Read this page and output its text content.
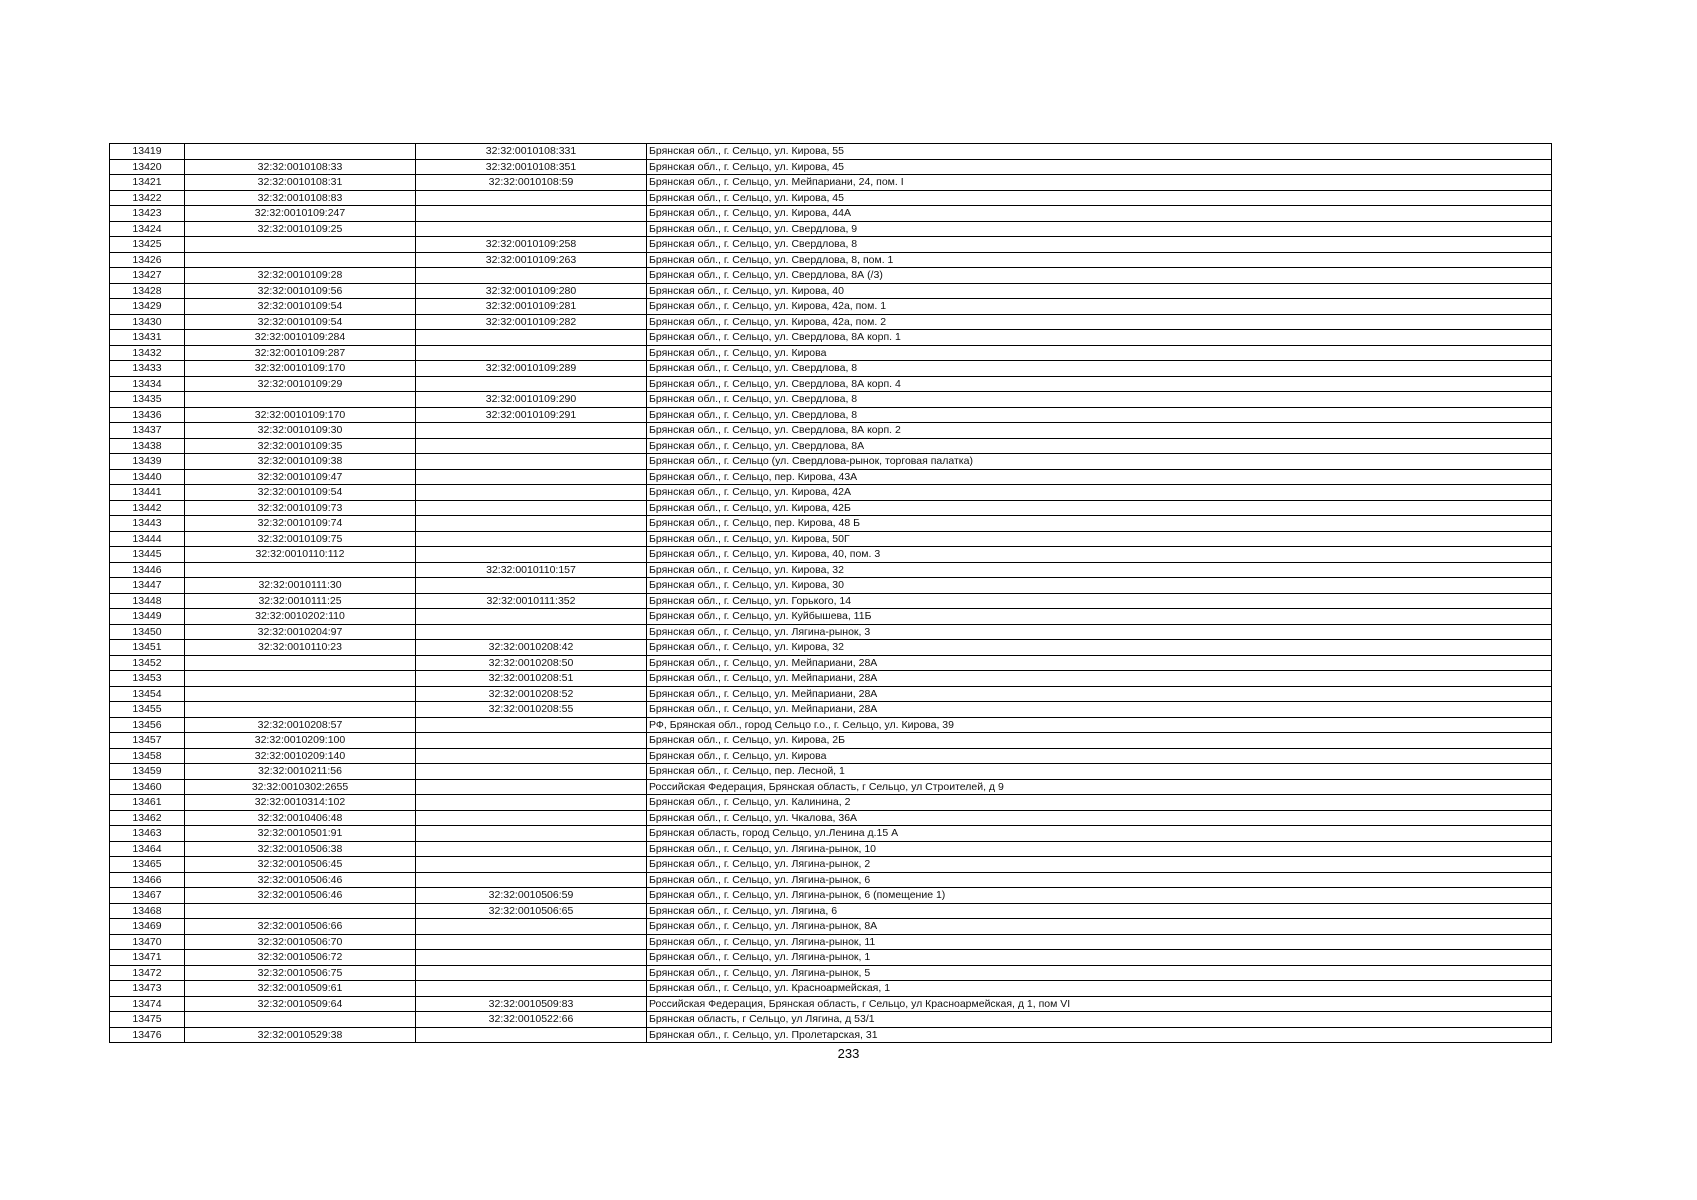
13419		32:32:0010108:331	Брянская обл., г. Сельцо, ул. Кирова, 55
13420	32:32:0010108:33	32:32:0010108:351	Брянская обл., г. Сельцо, ул. Кирова, 45
13421	32:32:0010108:31	32:32:0010108:59	Брянская обл., г. Сельцо, ул. Мейпариани, 24, пом. I
13422	32:32:0010108:83		Брянская обл., г. Сельцо, ул. Кирова, 45
13423	32:32:0010109:247		Брянская обл., г. Сельцо, ул. Кирова, 44А
13424	32:32:0010109:25		Брянская обл., г. Сельцо, ул. Свердлова, 9
13425		32:32:0010109:258	Брянская обл., г. Сельцо, ул. Свердлова, 8
13426		32:32:0010109:263	Брянская обл., г. Сельцо, ул. Свердлова, 8, пом. 1
13427	32:32:0010109:28		Брянская обл., г. Сельцо, ул. Свердлова, 8А (/3)
13428	32:32:0010109:56	32:32:0010109:280	Брянская обл., г. Сельцо, ул. Кирова, 40
13429	32:32:0010109:54	32:32:0010109:281	Брянская обл., г. Сельцо, ул. Кирова, 42а, пом. 1
13430	32:32:0010109:54	32:32:0010109:282	Брянская обл., г. Сельцо, ул. Кирова, 42а, пом. 2
13431	32:32:0010109:284		Брянская обл., г. Сельцо, ул. Свердлова, 8А корп. 1
13432	32:32:0010109:287		Брянская обл., г. Сельцо, ул. Кирова
13433	32:32:0010109:170	32:32:0010109:289	Брянская обл., г. Сельцо, ул. Свердлова, 8
13434	32:32:0010109:29		Брянская обл., г. Сельцо, ул. Свердлова, 8А корп. 4
13435		32:32:0010109:290	Брянская обл., г. Сельцо, ул. Свердлова, 8
13436	32:32:0010109:170	32:32:0010109:291	Брянская обл., г. Сельцо, ул. Свердлова, 8
13437	32:32:0010109:30		Брянская обл., г. Сельцо, ул. Свердлова, 8А корп. 2
13438	32:32:0010109:35		Брянская обл., г. Сельцо, ул. Свердлова, 8А
13439	32:32:0010109:38		Брянская обл., г. Сельцо (ул. Свердлова-рынок, торговая палатка)
13440	32:32:0010109:47		Брянская обл., г. Сельцо, пер. Кирова, 43А
13441	32:32:0010109:54		Брянская обл., г. Сельцо, ул. Кирова, 42А
13442	32:32:0010109:73		Брянская обл., г. Сельцо, ул. Кирова, 42Б
13443	32:32:0010109:74		Брянская обл., г. Сельцо, пер. Кирова, 48 Б
13444	32:32:0010109:75		Брянская обл., г. Сельцо, ул. Кирова, 50Г
13445	32:32:0010110:112		Брянская обл., г. Сельцо, ул. Кирова, 40, пом. 3
13446		32:32:0010110:157	Брянская обл., г. Сельцо, ул. Кирова, 32
13447	32:32:0010111:30		Брянская обл., г. Сельцо, ул. Кирова, 30
13448	32:32:0010111:25	32:32:0010111:352	Брянская обл., г. Сельцо, ул. Горького, 14
13449	32:32:0010202:110		Брянская обл., г. Сельцо, ул. Куйбышева, 11Б
13450	32:32:0010204:97		Брянская обл., г. Сельцо, ул. Лягина-рынок, 3
13451	32:32:0010110:23	32:32:0010208:42	Брянская обл., г. Сельцо, ул. Кирова, 32
13452		32:32:0010208:50	Брянская обл., г. Сельцо, ул. Мейпариани, 28А
13453		32:32:0010208:51	Брянская обл., г. Сельцо, ул. Мейпариани, 28А
13454		32:32:0010208:52	Брянская обл., г. Сельцо, ул. Мейпариани, 28А
13455		32:32:0010208:55	Брянская обл., г. Сельцо, ул. Мейпариани, 28А
13456	32:32:0010208:57		РФ, Брянская обл., город Сельцо г.о., г. Сельцо, ул. Кирова, 39
13457	32:32:0010209:100		Брянская обл., г. Сельцо, ул. Кирова, 2Б
13458	32:32:0010209:140		Брянская обл., г. Сельцо, ул. Кирова
13459	32:32:0010211:56		Брянская обл., г. Сельцо, пер. Лесной, 1
13460	32:32:0010302:2655		Российская Федерация, Брянская область, г Сельцо, ул Строителей, д 9
13461	32:32:0010314:102		Брянская обл., г. Сельцо, ул. Калинина, 2
13462	32:32:0010406:48		Брянская обл., г. Сельцо, ул. Чкалова, 36А
13463	32:32:0010501:91		Брянская область, город Сельцо, ул.Ленина д.15 А
13464	32:32:0010506:38		Брянская обл., г. Сельцо, ул. Лягина-рынок, 10
13465	32:32:0010506:45		Брянская обл., г. Сельцо, ул. Лягина-рынок, 2
13466	32:32:0010506:46		Брянская обл., г. Сельцо, ул. Лягина-рынок, 6
13467	32:32:0010506:46	32:32:0010506:59	Брянская обл., г. Сельцо, ул. Лягина-рынок, 6 (помещение 1)
13468		32:32:0010506:65	Брянская обл., г. Сельцо, ул. Лягина, 6
13469	32:32:0010506:66		Брянская обл., г. Сельцо, ул. Лягина-рынок, 8А
13470	32:32:0010506:70		Брянская обл., г. Сельцо, ул. Лягина-рынок, 11
13471	32:32:0010506:72		Брянская обл., г. Сельцо, ул. Лягина-рынок, 1
13472	32:32:0010506:75		Брянская обл., г. Сельцо, ул. Лягина-рынок, 5
13473	32:32:0010509:61		Брянская обл., г. Сельцо, ул. Красноармейская, 1
13474	32:32:0010509:64	32:32:0010509:83	Российская Федерация, Брянская область, г Сельцо, ул Красноармейская, д 1, пом VI
13475		32:32:0010522:66	Брянская область, г Сельцо, ул Лягина, д 53/1
13476	32:32:0010529:38		Брянская обл., г. Сельцо, ул. Пролетарская, 31
233
